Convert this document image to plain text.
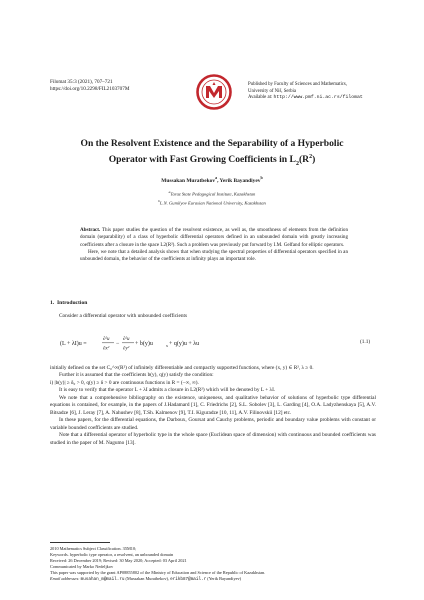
Filomat 35:3 (2021), 707–721
https://doi.org/10.2298/FIL2103707M
Published by Faculty of Sciences and Mathematics,
University of Niš, Serbia
Available at: http://www.pmf.ni.ac.rs/filomat
On the Resolvent Existence and the Separability of a Hyperbolic
Operator with Fast Growing Coefficients in $L_2(R^2)$
Mussakan Muratbekov$^a$, Yerik Bayandiyev$^b$
$^a$Taraz State Pedagogical Institute, Kazakhstan
$^b$L.N. Gumilyov Eurasian National University, Kazakhstan

Abstract. This paper studies the question of the resolvent existence, as well as, the smoothness of elements from the definition domain (separability) of a class of hyperbolic differential operators defined in an unbounded domain with greatly increasing coefficients after a closure in the space L2(R²). Such a problem was previously put forward by I.M. Gelfand for elliptic operators.

Here, we note that a detailed analysis shows that when studying the spectral properties of differential operators specified in an unbounded domain, the behavior of the coefficients at infinity plays an important role.

1. Introduction

Consider a differential operator with unbounded coefficients

(L + λI)u =
∂²u
∂x²
−
∂²u
∂y²
+ b(y)u	x + q(y)u + λu	(1.1)

initially defined on the set C₀^∞(R²) of infinitely differentiable and compactly supported functions, where (x, y) ∈ R², λ ≥ 0.

Further it is assumed that the coefficients b(y), q(y) satisfy the condition:

i) |b(y)| ≥ δ₀ > 0, q(y) ≥ δ > 0 are continuous functions in R = (−∞, ∞).

It is easy to verify that the operator L + λI admits a closure in L2(R²) which will be denoted by L + λI.

We note that a comprehensive bibliography on the existence, uniqueness, and qualitative behavior of solutions of hyperbolic type differential equations is contained, for example, in the papers of J.Hadamard [1], C. Friedrichs [2], S.L. Sobolev [3], L. Garding [4], O.A. Ladyzhenskaya [5], A.V. Bitsadze [6], J. Leray [7], A. Nahushev [8], T.Sh. Kalmenov [9], T.I. Kiguradze [10, 11], A.V. Filinovskii [12] etc.

In these papers, for the differential equations, the Darboux, Goursat and Cauchy problems, periodic and boundary value problems with constant or variable bounded coefficients are studied.

Note that a differential operator of hyperbolic type in the whole space (Euclidean space of dimension) with continuous and bounded coefficients was studied in the paper of M. Nagumo [13].

2010 Mathematics Subject Classification. 35M10;
Keywords. hyperbolic type operator, a resolvent, an unbounded domain
Received: 26 December 2019; Revised: 30 May 2020; Accepted: 03 April 2021
Communicated by Marko Nedeljkov
This paper was supported by the grant AP08855802 of the Ministry of Education and Science of the Republic of Kazakhstan.
Email addresses: musahan_m@mail.ru (Mussakan Muratbekov), erikb87@mail.r (Yerik Bayandiyev)
